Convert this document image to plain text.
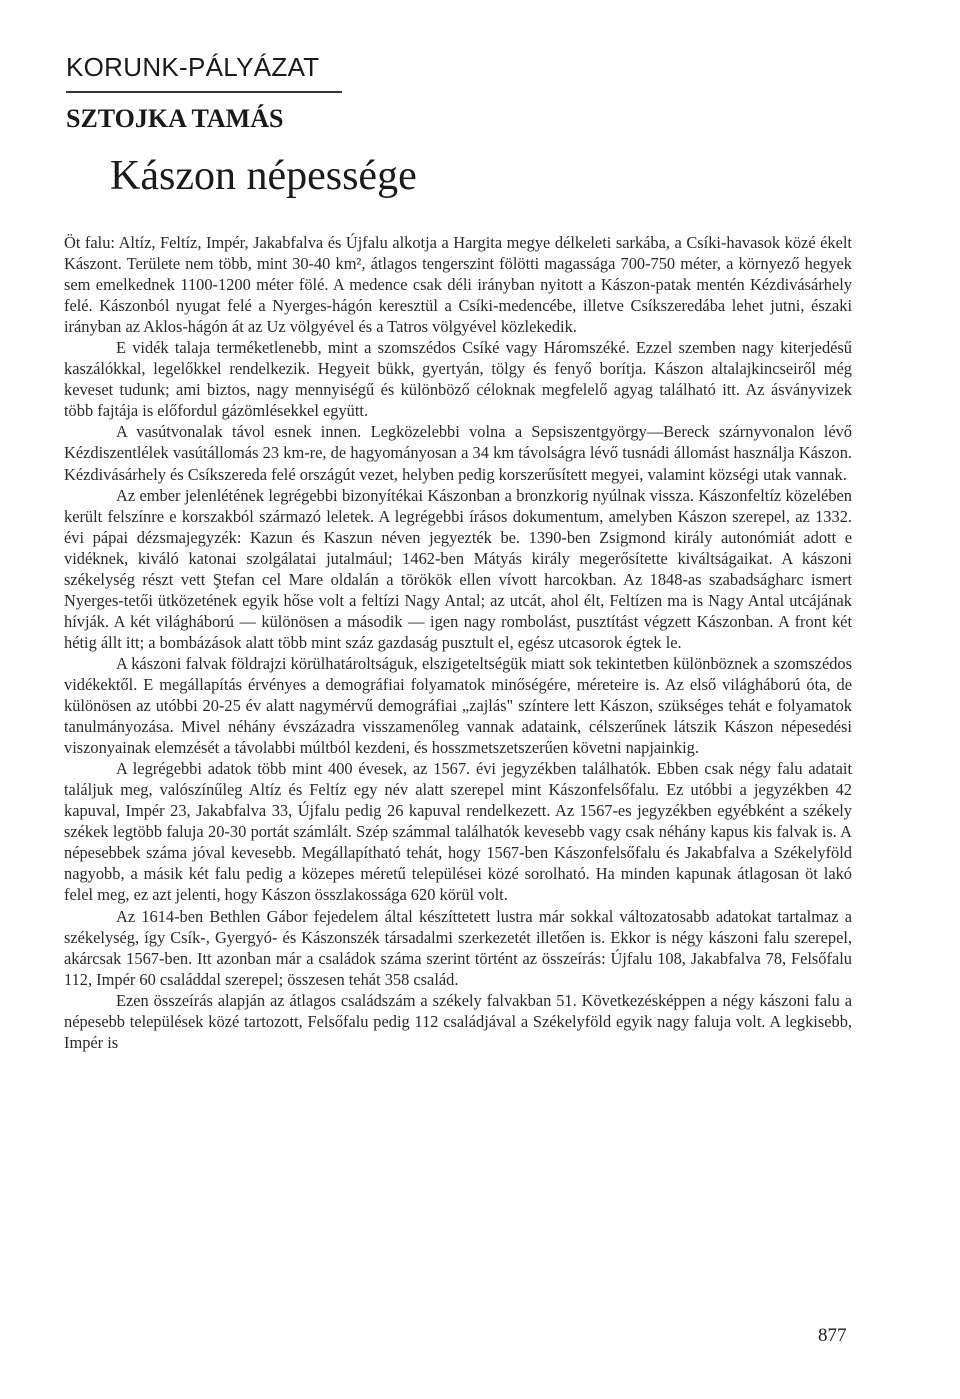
KORUNK-PÁLYÁZAT
SZTOJKA TAMÁS
Kászon népessége

Öt falu: Altíz, Feltíz, Impér, Jakabfalva és Újfalu alkotja a Hargita megye délkeleti sarkába, a Csíki-havasok közé ékelt Kászont. Területe nem több, mint 30-40 km², átlagos tengerszint fölötti magassága 700-750 méter, a környező hegyek sem emelkednek 1100-1200 méter fölé. A medence csak déli irányban nyitott a Kászon-patak mentén Kézdivásárhely felé. Kászonból nyugat felé a Nyerges-hágón keresztül a Csíki-medencébe, illetve Csíkszeredába lehet jutni, északi irányban az Aklos-hágón át az Uz völgyével és a Tatros völgyével közlekedik.

E vidék talaja terméketlenebb, mint a szomszédos Csíké vagy Háromszéké. Ezzel szemben nagy kiterjedésű kaszálókkal, legelőkkel rendelkezik. Hegyeit bükk, gyertyán, tölgy és fenyő borítja. Kászon altalajkincseiről még keveset tudunk; ami biztos, nagy mennyiségű és különböző céloknak megfelelő agyag található itt. Az ásványvizek több fajtája is előfordul gázömlésekkel együtt.

A vasútvonalak távol esnek innen. Legközelebbi volna a Sepsiszentgyörgy—Bereck szárnyvonalon lévő Kézdiszentlélek vasútállomás 23 km-re, de hagyományosan a 34 km távolságra lévő tusnádi állomást használja Kászon. Kézdivásárhely és Csíkszereda felé országút vezet, helyben pedig korszerűsített megyei, valamint községi utak vannak.

Az ember jelenlétének legrégebbi bizonyítékai Kászonban a bronzkorig nyúlnak vissza. Kászonfeltíz közelében került felszínre e korszakból származó leletek. A legrégebbi írásos dokumentum, amelyben Kászon szerepel, az 1332. évi pápai dézsmajegyzék: Kazun és Kaszun néven jegyezték be. 1390-ben Zsigmond király autonómiát adott e vidéknek, kiváló katonai szolgálatai jutalmául; 1462-ben Mátyás király megerősítette kiváltságaikat. A kászoni székelység részt vett Ştefan cel Mare oldalán a törökök ellen vívott harcokban. Az 1848-as szabadságharc ismert Nyerges-tetői ütközetének egyik hőse volt a feltízi Nagy Antal; az utcát, ahol élt, Feltízen ma is Nagy Antal utcájának hívják. A két világháború — különösen a második — igen nagy rombolást, pusztítást végzett Kászonban. A front két hétig állt itt; a bombázások alatt több mint száz gazdaság pusztult el, egész utcasorok égtek le.

A kászoni falvak földrajzi körülhatároltságuk, elszigeteltségük miatt sok tekintetben különböznek a szomszédos vidékektől. E megállapítás érvényes a demográfiai folyamatok minőségére, méreteire is. Az első világháború óta, de különösen az utóbbi 20-25 év alatt nagymérvű demográfiai „zajlás" színtere lett Kászon, szükséges tehát e folyamatok tanulmányozása. Mivel néhány évszázadra visszamenőleg vannak adataink, célszerűnek látszik Kászon népesedési viszonyainak elemzését a távolabbi múltból kezdeni, és hosszmetszetszerűen követni napjainkig.

A legrégebbi adatok több mint 400 évesek, az 1567. évi jegyzékben találhatók. Ebben csak négy falu adatait találjuk meg, valószínűleg Altíz és Feltíz egy név alatt szerepel mint Kászonfelsőfalu. Ez utóbbi a jegyzékben 42 kapuval, Impér 23, Jakabfalva 33, Újfalu pedig 26 kapuval rendelkezett. Az 1567-es jegyzékben egyébként a székely székek legtöbb faluja 20-30 portát számlált. Szép számmal találhatók kevesebb vagy csak néhány kapus kis falvak is. A népesebbek száma jóval kevesebb. Megállapítható tehát, hogy 1567-ben Kászonfelsőfalu és Jakabfalva a Székelyföld nagyobb, a másik két falu pedig a közepes méretű települései közé sorolható. Ha minden kapunak átlagosan öt lakó felel meg, ez azt jelenti, hogy Kászon összlakossága 620 körül volt.

Az 1614-ben Bethlen Gábor fejedelem által készíttetett lustra már sokkal változatosabb adatokat tartalmaz a székelység, így Csík-, Gyergyó- és Kászonszék társadalmi szerkezetét illetően is. Ekkor is négy kászoni falu szerepel, akárcsak 1567-ben. Itt azonban már a családok száma szerint történt az összeírás: Újfalu 108, Jakabfalva 78, Felsőfalu 112, Impér 60 családdal szerepel; összesen tehát 358 család.

Ezen összeírás alapján az átlagos családszám a székely falvakban 51. Következésképpen a négy kászoni falu a népesebb települések közé tartozott, Felsőfalu pedig 112 családjával a Székelyföld egyik nagy faluja volt. A legkisebb, Impér is

877
